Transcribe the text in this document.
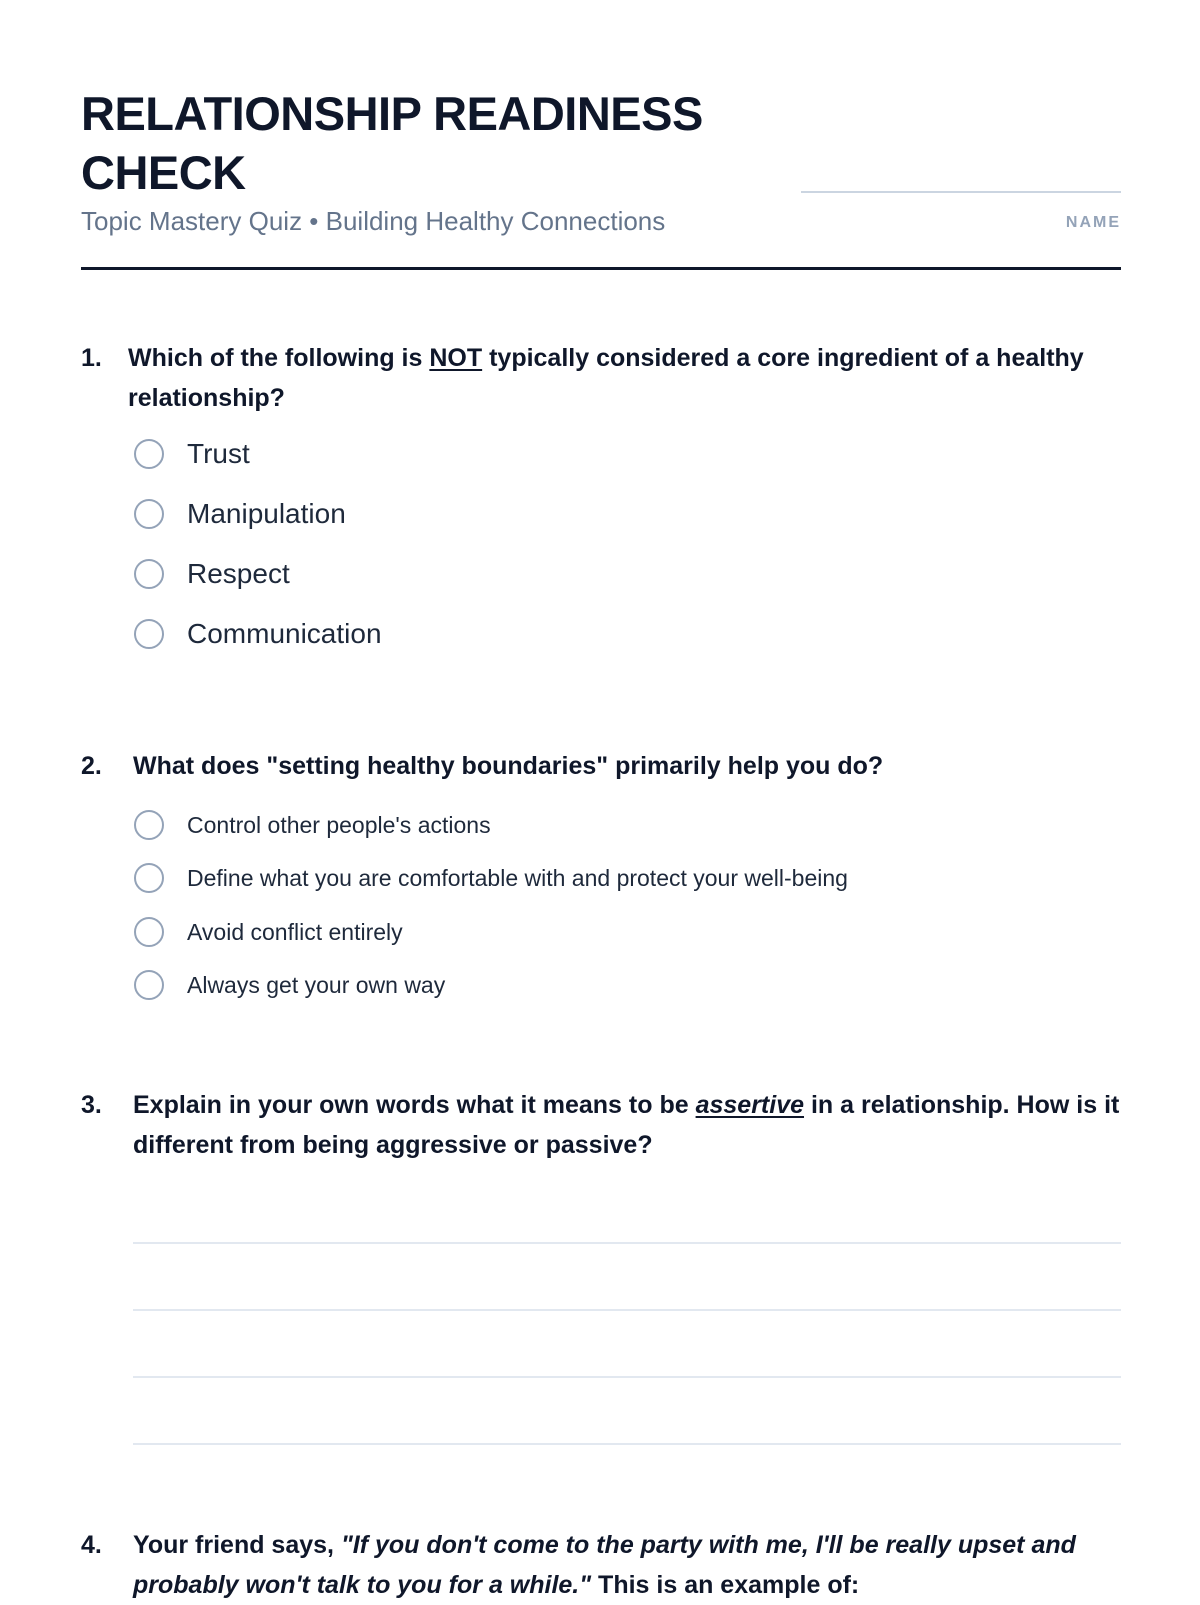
RELATIONSHIP READINESS CHECK
Topic Mastery Quiz • Building Healthy Connections	NAME
1. Which of the following is NOT typically considered a core ingredient of a healthy relationship?
Trust
Manipulation
Respect
Communication
2. What does "setting healthy boundaries" primarily help you do?
Control other people's actions
Define what you are comfortable with and protect your well-being
Avoid conflict entirely
Always get your own way
3. Explain in your own words what it means to be assertive in a relationship. How is it different from being aggressive or passive?
4. Your friend says, "If you don't come to the party with me, I'll be really upset and probably won't talk to you for a while." This is an example of:
